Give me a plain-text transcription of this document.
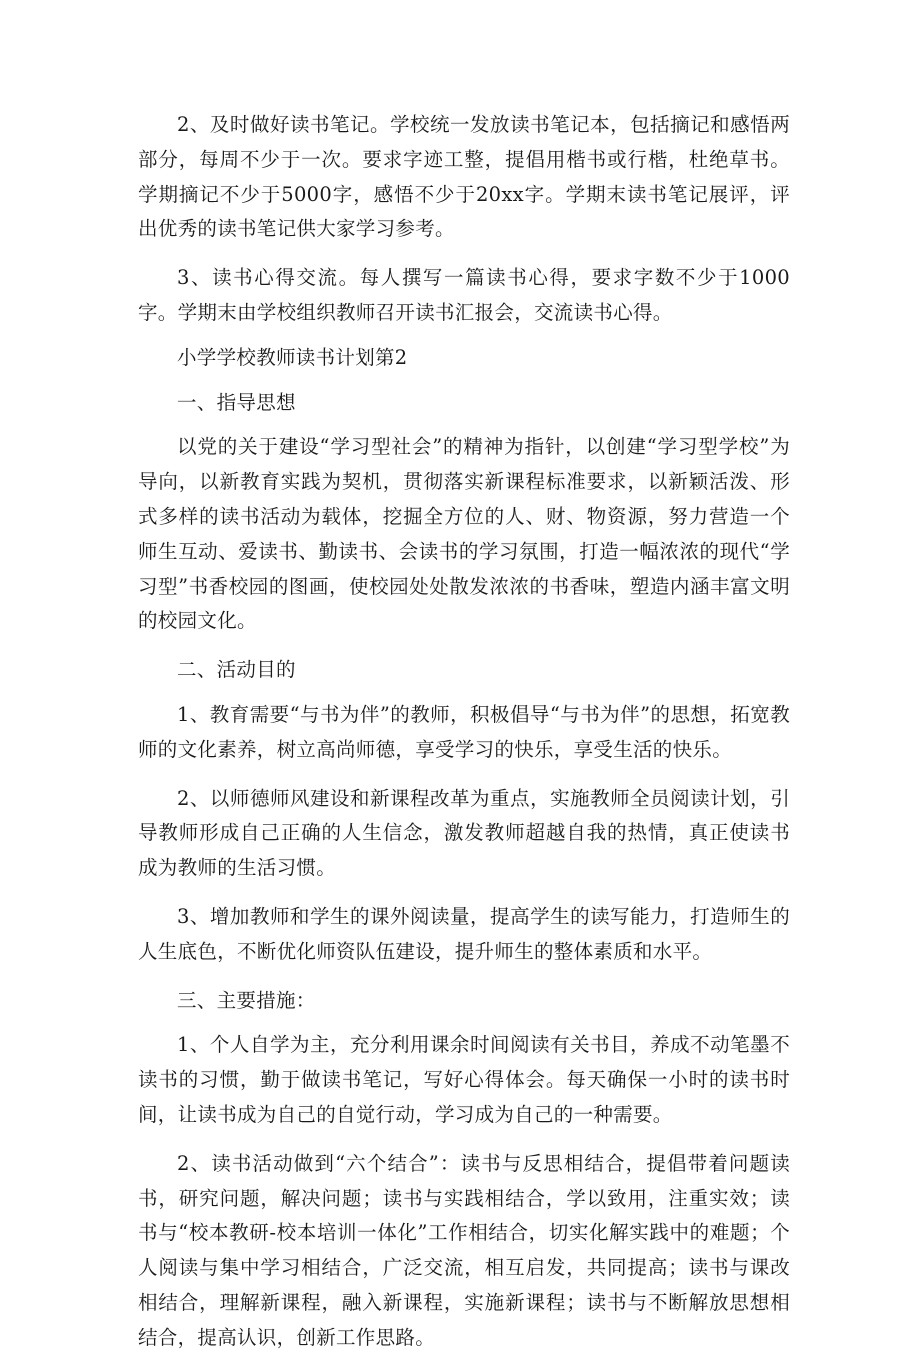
2、及时做好读书笔记。学校统一发放读书笔记本，包括摘记和感悟两部分，每周不少于一次。要求字迹工整，提倡用楷书或行楷，杜绝草书。学期摘记不少于5000字，感悟不少于20xx字。学期末读书笔记展评，评出优秀的读书笔记供大家学习参考。

3、读书心得交流。每人撰写一篇读书心得，要求字数不少于1000字。学期末由学校组织教师召开读书汇报会，交流读书心得。

小学学校教师读书计划第2

一、指导思想

以党的关于建设“学习型社会”的精神为指针，以创建“学习型学校”为导向，以新教育实践为契机，贯彻落实新课程标准要求，以新颖活泼、形式多样的读书活动为载体，挖掘全方位的人、财、物资源，努力营造一个师生互动、爱读书、勤读书、会读书的学习氛围，打造一幅浓浓的现代“学习型”书香校园的图画，使校园处处散发浓浓的书香味，塑造内涵丰富文明的校园文化。

二、活动目的

1、教育需要“与书为伴”的教师，积极倡导“与书为伴”的思想，拓宽教师的文化素养，树立高尚师德，享受学习的快乐，享受生活的快乐。

2、以师德师风建设和新课程改革为重点，实施教师全员阅读计划，引导教师形成自己正确的人生信念，激发教师超越自我的热情，真正使读书成为教师的生活习惯。

3、增加教师和学生的课外阅读量，提高学生的读写能力，打造师生的人生底色，不断优化师资队伍建设，提升师生的整体素质和水平。

三、主要措施：

1、个人自学为主，充分利用课余时间阅读有关书目，养成不动笔墨不读书的习惯，勤于做读书笔记，写好心得体会。每天确保一小时的读书时间，让读书成为自己的自觉行动，学习成为自己的一种需要。

2、读书活动做到“六个结合”：读书与反思相结合，提倡带着问题读书，研究问题，解决问题；读书与实践相结合，学以致用，注重实效；读书与“校本教研-校本培训一体化”工作相结合，切实化解实践中的难题；个人阅读与集中学习相结合，广泛交流，相互启发，共同提高；读书与课改相结合，理解新课程，融入新课程，实施新课程；读书与不断解放思想相结合，提高认识，创新工作思路。
